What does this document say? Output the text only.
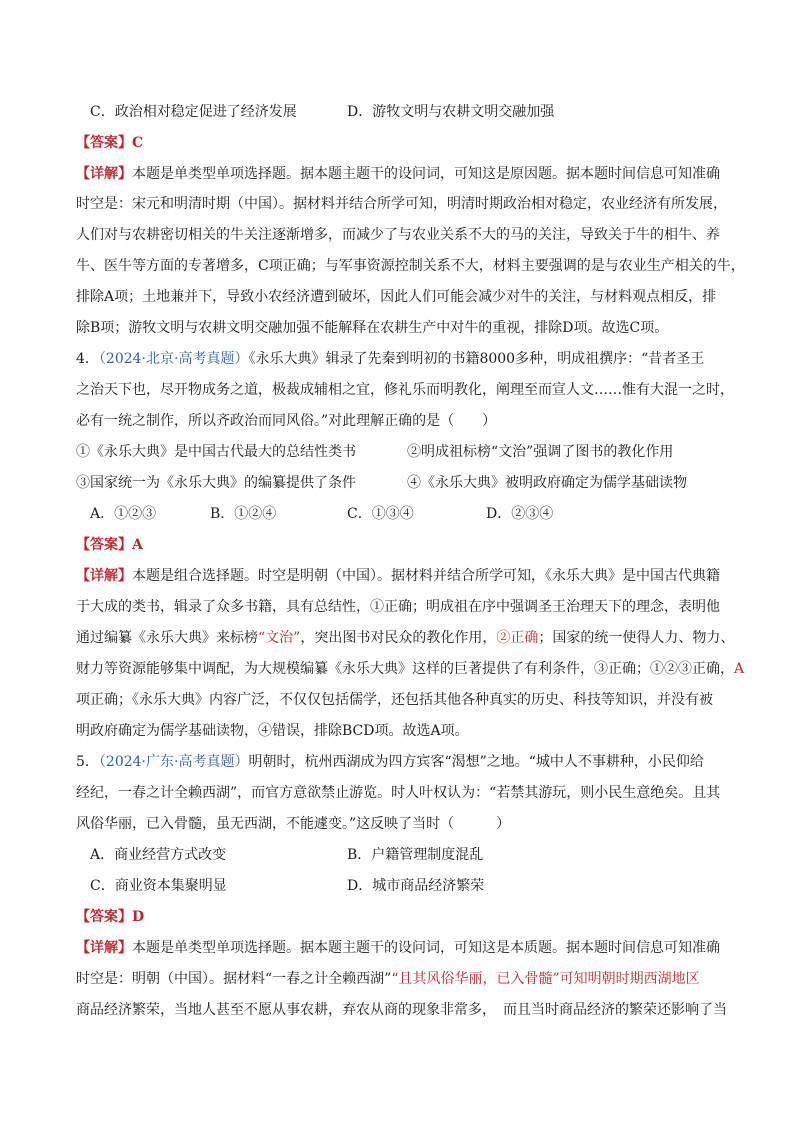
C．政治相对稳定促进了经济发展	D．游牧文明与农耕文明交融加强
【答案】C
【详解】本题是单类型单项选择题。据本题主题干的设问词，可知这是原因题。据本题时间信息可知准确
时空是：宋元和明清时期（中国）。据材料并结合所学可知，明清时期政治相对稳定，农业经济有所发展，
人们对与农耕密切相关的牛关注逐渐增多，而减少了与农业关系不大的马的关注，导致关于牛的相牛、养
牛、医牛等方面的专著增多，C项正确；与军事资源控制关系不大，材料主要强调的是与农业生产相关的牛，
排除A项；土地兼并下，导致小农经济遭到破坏，因此人们可能会减少对牛的关注，与材料观点相反，排
除B项；游牧文明与农耕文明交融加强不能解释在农耕生产中对牛的重视，排除D项。故选C项。
4．（2024·北京·高考真题）《永乐大典》辑录了先秦到明初的书籍8000多种，明成祖撰序：“昔者圣王
之治天下也，尽开物成务之道，极裁成辅相之宜，修礼乐而明教化，阐理至而宣人文……惟有大混一之时，
必有一统之制作，所以齐政治而同风俗。”对此理解正确的是（　　）
①《永乐大典》是中国古代最大的总结性类书	②明成祖标榜“文治”强调了图书的教化作用
③国家统一为《永乐大典》的编纂提供了条件	④《永乐大典》被明政府确定为儒学基础读物
A．①②③	B．①②④	C．①③④	D．②③④
【答案】A
【详解】本题是组合选择题。时空是明朝（中国）。据材料并结合所学可知，《永乐大典》是中国古代典籍
于大成的类书，辑录了众多书籍，具有总结性，①正确；明成祖在序中强调圣王治理天下的理念，表明他
通过编纂《永乐大典》来标榜“文治”，突出图书对民众的教化作用，②正确；国家的统一使得人力、物力、
财力等资源能够集中调配，为大规模编纂《永乐大典》这样的巨著提供了有利条件，③正确；①②③正确，A
项正确；《永乐大典》内容广泛，不仅仅包括儒学，还包括其他各种真实的历史、科技等知识，并没有被
明政府确定为儒学基础读物，④错误，排除BCD项。故选A项。
5．（2024·广东·高考真题）明朝时，杭州西湖成为四方宾客“渴想”之地。“城中人不事耕种，小民仰给
经纪，一春之计全赖西湖”，而官方意欲禁止游览。时人叶权认为：“若禁其游玩，则小民生意绝矣。且其
风俗华丽，已入骨髓，虽无西湖，不能遽变。”这反映了当时（　　　）
A．商业经营方式改变	B．户籍管理制度混乱
C．商业资本集聚明显	D．城市商品经济繁荣
【答案】D
【详解】本题是单类型单项选择题。据本题主题干的设问词，可知这是本质题。据本题时间信息可知准确
时空是：明朝（中国）。据材料“一春之计全赖西湖”“且其风俗华丽，已入骨髓”可知明朝时期西湖地区
商品经济繁荣，当地人甚至不愿从事农耕，弃农从商的现象非常多，　而且当时商品经济的繁荣还影响了当
